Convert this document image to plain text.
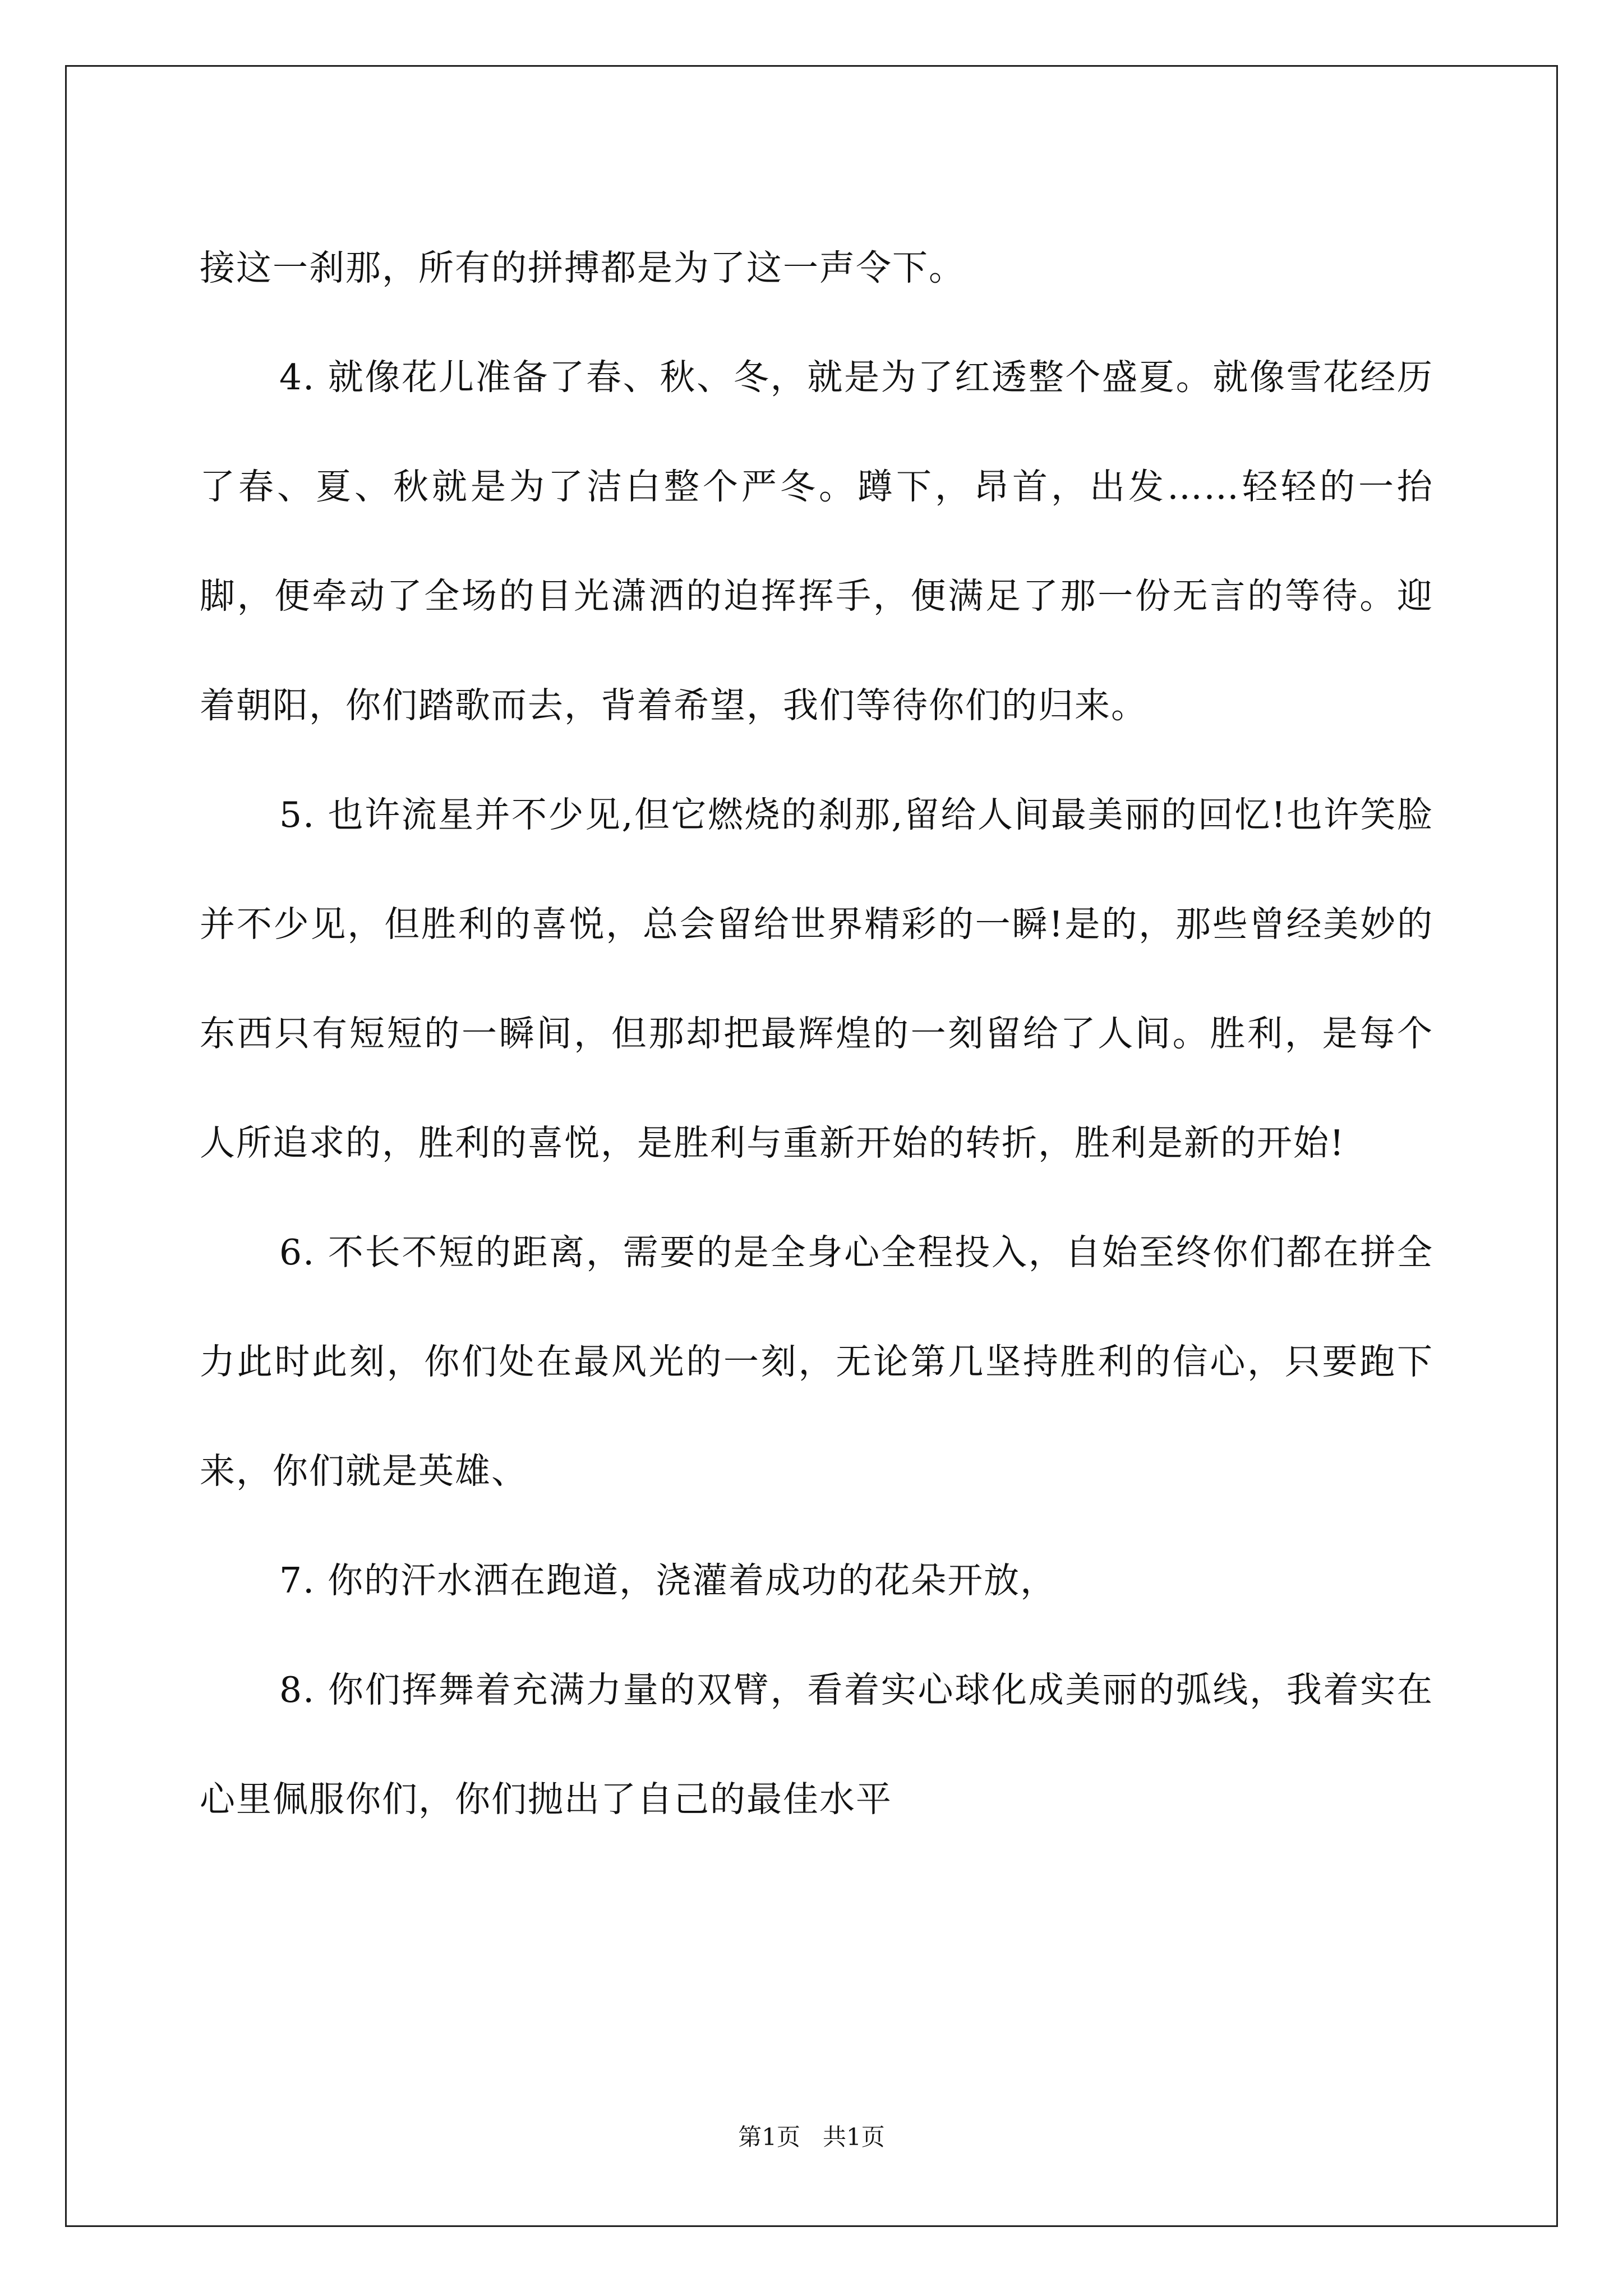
接这一刹那，所有的拼搏都是为了这一声令下。

4. 就像花儿准备了春、秋、冬，就是为了红透整个盛夏。就像雪花经历了春、夏、秋就是为了洁白整个严冬。蹲下，昂首，出发……轻轻的一抬脚，便牵动了全场的目光潇洒的迫挥挥手，便满足了那一份无言的等待。迎着朝阳，你们踏歌而去，背着希望，我们等待你们的归来。

5. 也许流星并不少见,但它燃烧的刹那,留给人间最美丽的回忆!也许笑脸并不少见，但胜利的喜悦，总会留给世界精彩的一瞬!是的，那些曾经美妙的东西只有短短的一瞬间，但那却把最辉煌的一刻留给了人间。胜利，是每个人所追求的，胜利的喜悦，是胜利与重新开始的转折，胜利是新的开始!

6. 不长不短的距离，需要的是全身心全程投入，自始至终你们都在拼全力此时此刻，你们处在最风光的一刻，无论第几坚持胜利的信心，只要跑下来，你们就是英雄、

7. 你的汗水洒在跑道，浇灌着成功的花朵开放，

8. 你们挥舞着充满力量的双臂，看着实心球化成美丽的弧线，我着实在心里佩服你们，你们抛出了自己的最佳水平

第1页   共1页
